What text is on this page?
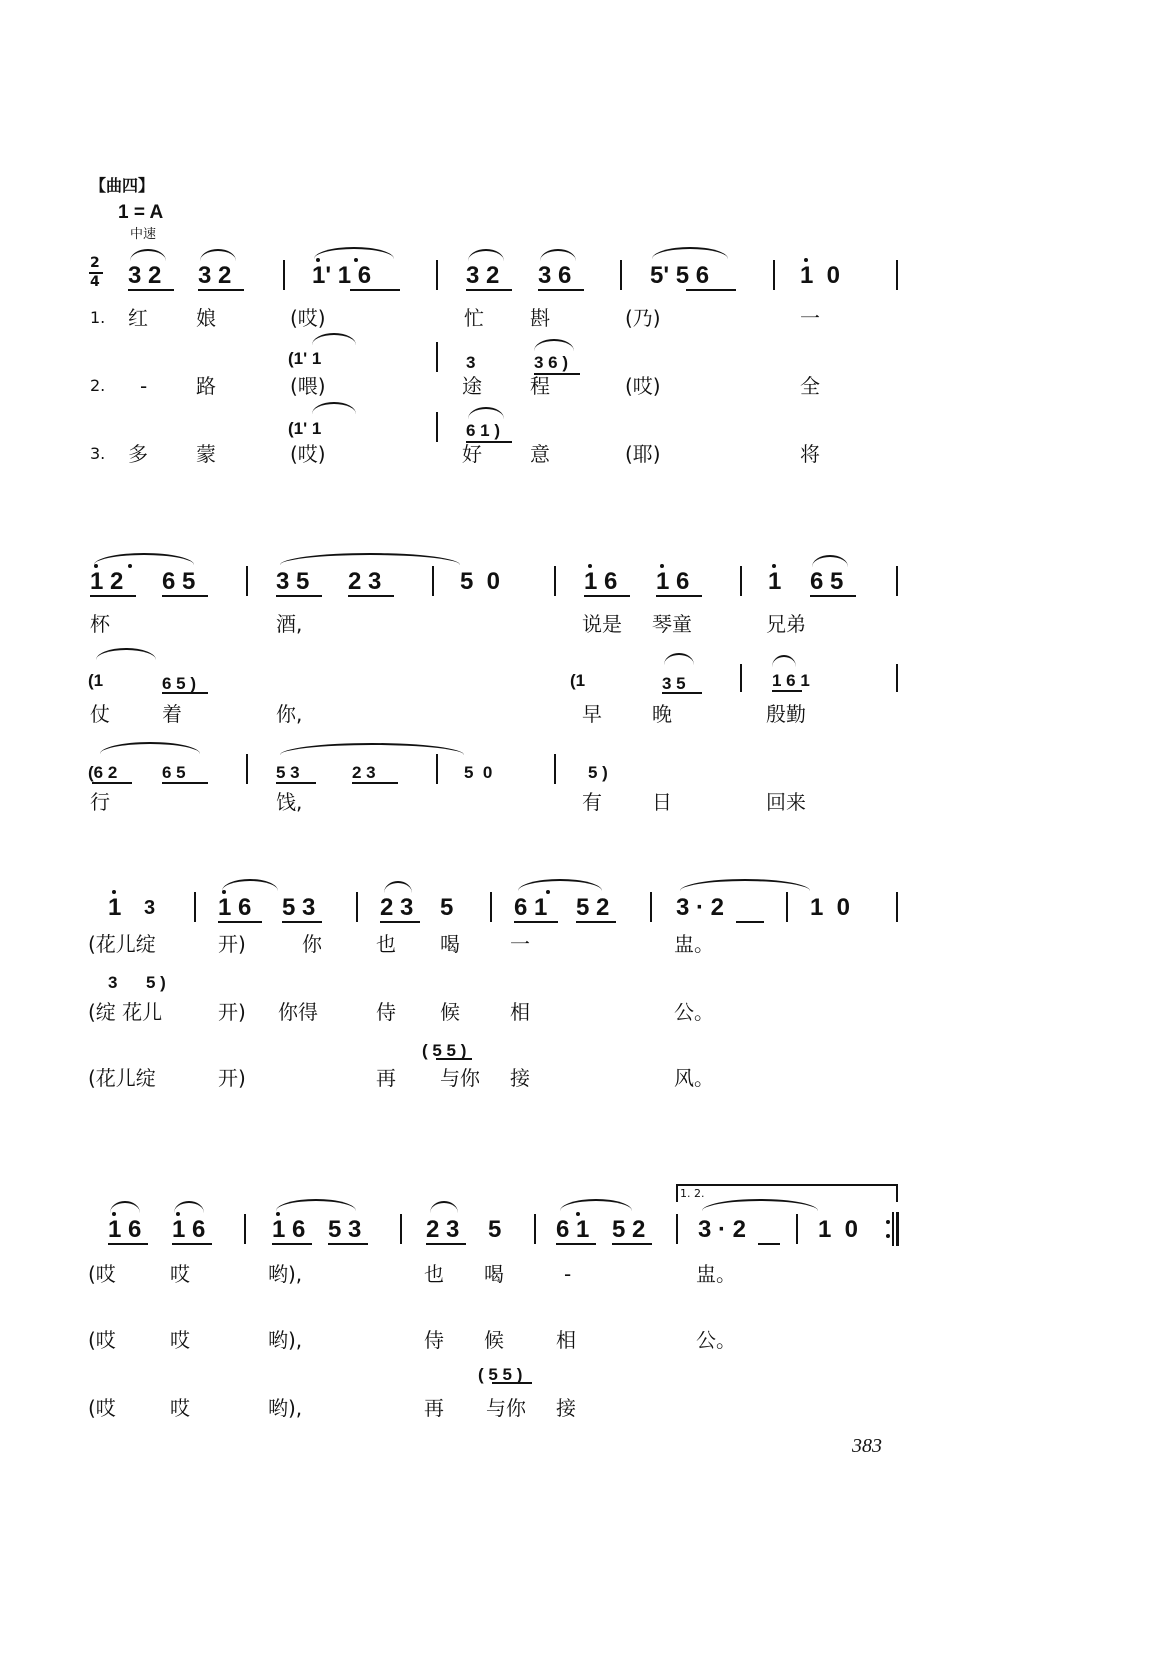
【曲四】
1 = A
中速
2
4 3 2 3 2	1' 1 6	3 2 3 6	5' 5 6	1  0
1. 红 娘	(哎)	忙 斟	(乃)	一
(1' 1	3	3 6 )
2. - 路	(喂)	途 程	(哎)	全
(1' 1	6 1 )
3. 多 蒙	(哎)	好 意	(耶)	将
1 2 6 5	3 5 2 3	5  0	1 6 1 6	1 6 5
杯	酒,	说是 琴童	兄弟
(1	6 5 )	(1	3 5	1 6 1
仗	着	你,	早	晚	殷勤
(6 2	6 5	5 3	2 3	5  0	5 )
行	饯,	有	日	回来
1 3	1 6 5 3	2 3 5	6 1 5 2	3 · 2	1  0
(花儿绽	开)	你	也 喝	一	盅。
3 5 )
(绽 花儿	开) 你得	侍 候	相	公。
( 5 5 )
(花儿绽	开)	再 与你 接	风。
1. 2.
1 6 1 6	1 6 5 3	2 3 5 6 1 5 2 3 · 2	1  0
(哎	哎	哟),	也 喝	-	盅。
(哎	哎	哟),	侍 候	相	公。
( 5 5 )
(哎	哎	哟),	再 与你 接
383
